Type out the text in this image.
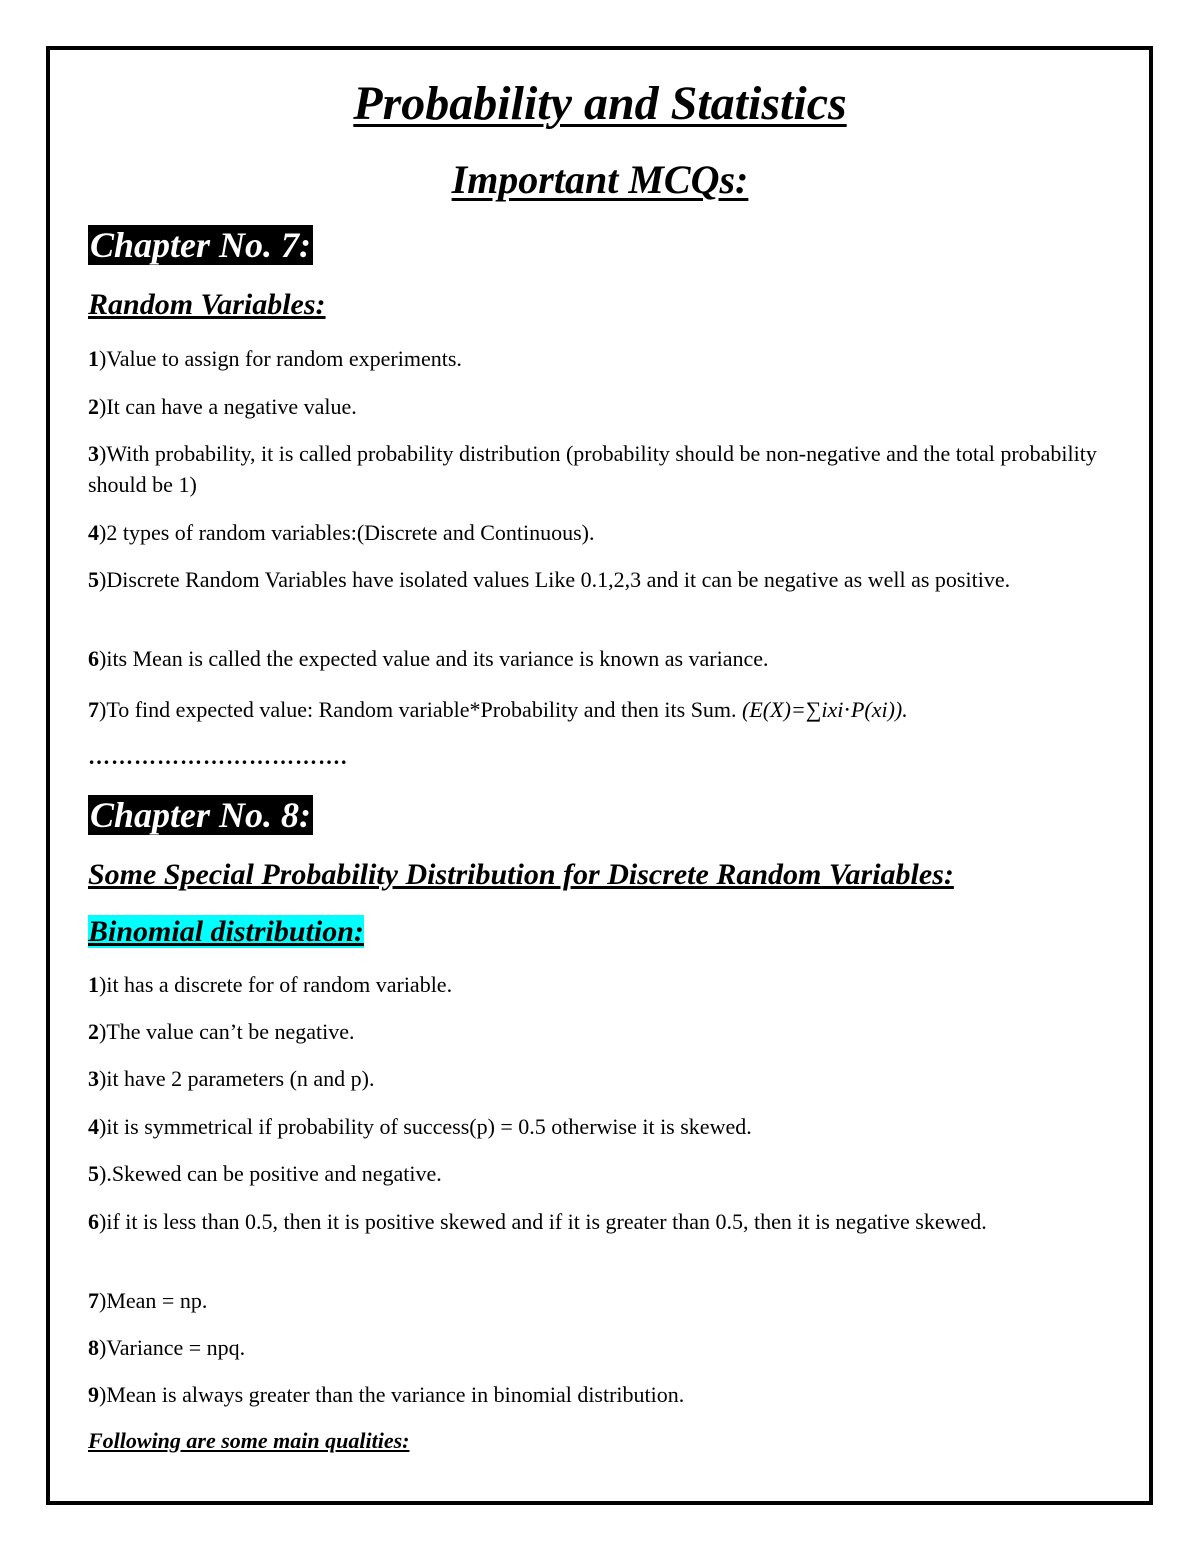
Probability and Statistics
Important MCQs:
Chapter No. 7:
Random Variables:
1)Value to assign for random experiments.
2)It can have a negative value.
3)With probability, it is called probability distribution (probability should be non-negative and the total probability should be 1)
4)2 types of random variables:(Discrete and Continuous).
5)Discrete Random Variables have isolated values Like 0.1,2,3 and it can be negative as well as positive.
6)its Mean is called the expected value and its variance is known as variance.
7)To find expected value: Random variable*Probability and then its Sum. (E(X)=∑ixi⋅P(xi)).
…………………………….
Chapter No. 8:
Some Special Probability Distribution for Discrete Random Variables:
Binomial distribution:
1)it has a discrete for of random variable.
2)The value can’t be negative.
3)it have 2 parameters (n and p).
4)it is symmetrical if probability of success(p) = 0.5 otherwise it is skewed.
5).Skewed can be positive and negative.
6)if it is less than 0.5, then it is positive skewed and if it is greater than 0.5, then it is negative skewed.
7)Mean = np.
8)Variance = npq.
9)Mean is always greater than the variance in binomial distribution.
Following are some main qualities:
